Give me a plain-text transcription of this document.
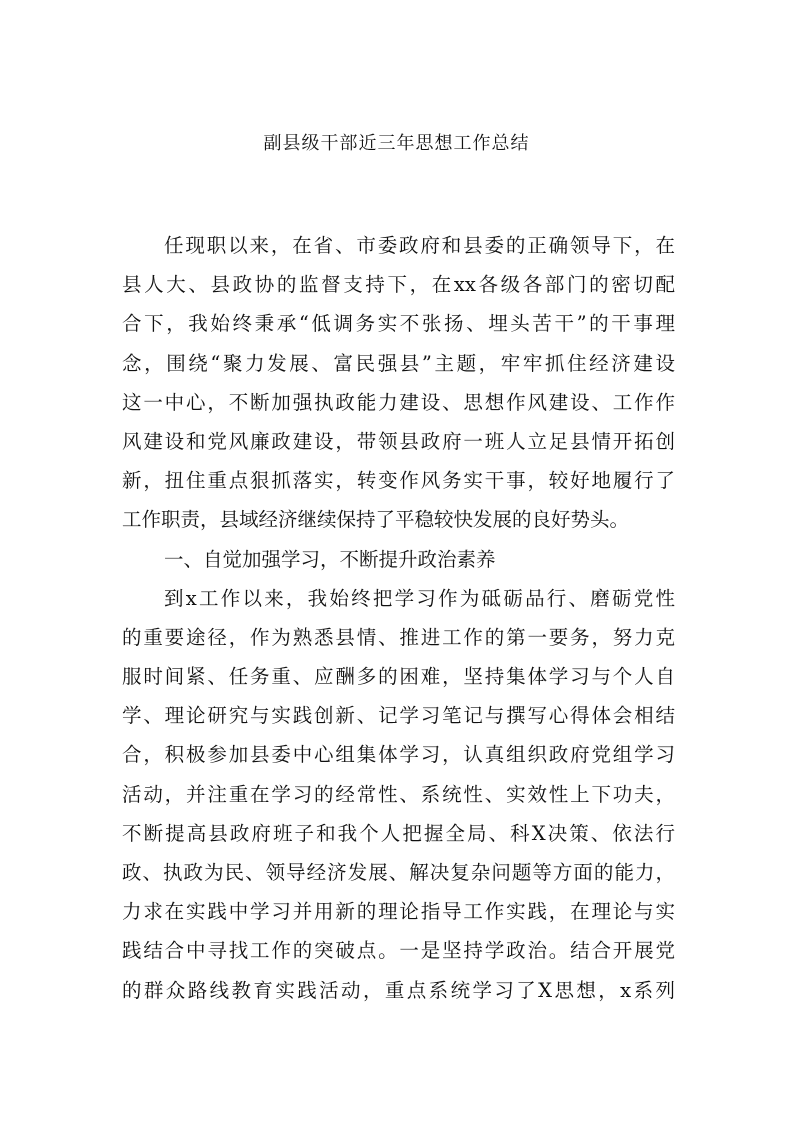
副县级干部近三年思想工作总结
任现职以来，在省、市委政府和县委的正确领导下，在
县人大、县政协的监督支持下，在xx各级各部门的密切配
合下，我始终秉承“低调务实不张扬、埋头苦干”的干事理
念，围绕“聚力发展、富民强县”主题，牢牢抓住经济建设
这一中心，不断加强执政能力建设、思想作风建设、工作作
风建设和党风廉政建设，带领县政府一班人立足县情开拓创
新，扭住重点狠抓落实，转变作风务实干事，较好地履行了
工作职责，县域经济继续保持了平稳较快发展的良好势头。
一、自觉加强学习，不断提升政治素养
到x工作以来，我始终把学习作为砥砺品行、磨砺党性
的重要途径，作为熟悉县情、推进工作的第一要务，努力克
服时间紧、任务重、应酬多的困难，坚持集体学习与个人自
学、理论研究与实践创新、记学习笔记与撰写心得体会相结
合，积极参加县委中心组集体学习，认真组织政府党组学习
活动，并注重在学习的经常性、系统性、实效性上下功夫，
不断提高县政府班子和我个人把握全局、科X决策、依法行
政、执政为民、领导经济发展、解决复杂问题等方面的能力，
力求在实践中学习并用新的理论指导工作实践，在理论与实
践结合中寻找工作的突破点。一是坚持学政治。结合开展党
的群众路线教育实践活动，重点系统学习了X思想，x系列
